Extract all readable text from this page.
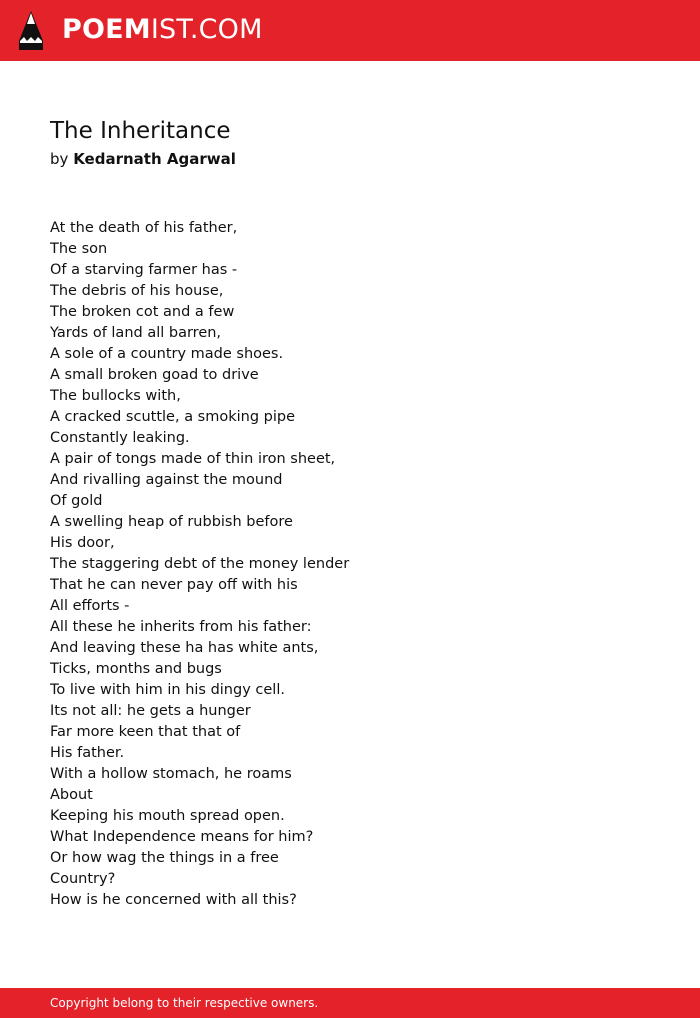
POEMIST.COM
The Inheritance
by Kedarnath Agarwal
At the death of his father,
The son
Of a starving farmer has -
The debris of his house,
The broken cot and a few
Yards of land all barren,
A sole of a country made shoes.
A small broken goad to drive
The bullocks with,
A cracked scuttle, a smoking pipe
Constantly leaking.
A pair of tongs made of thin iron sheet,
And rivalling against the mound
Of gold
A swelling heap of rubbish before
His door,
The staggering debt of the money lender
That he can never pay off with his
All efforts -
All these he inherits from his father:
And leaving these ha has white ants,
Ticks, months and bugs
To live with him in his dingy cell.
Its not all: he gets a hunger
Far more keen that that of
His father.
With a hollow stomach, he roams
About
Keeping his mouth spread open.
What Independence means for him?
Or how wag the things in a free
Country?
How is he concerned with all this?
Copyright belong to their respective owners.
